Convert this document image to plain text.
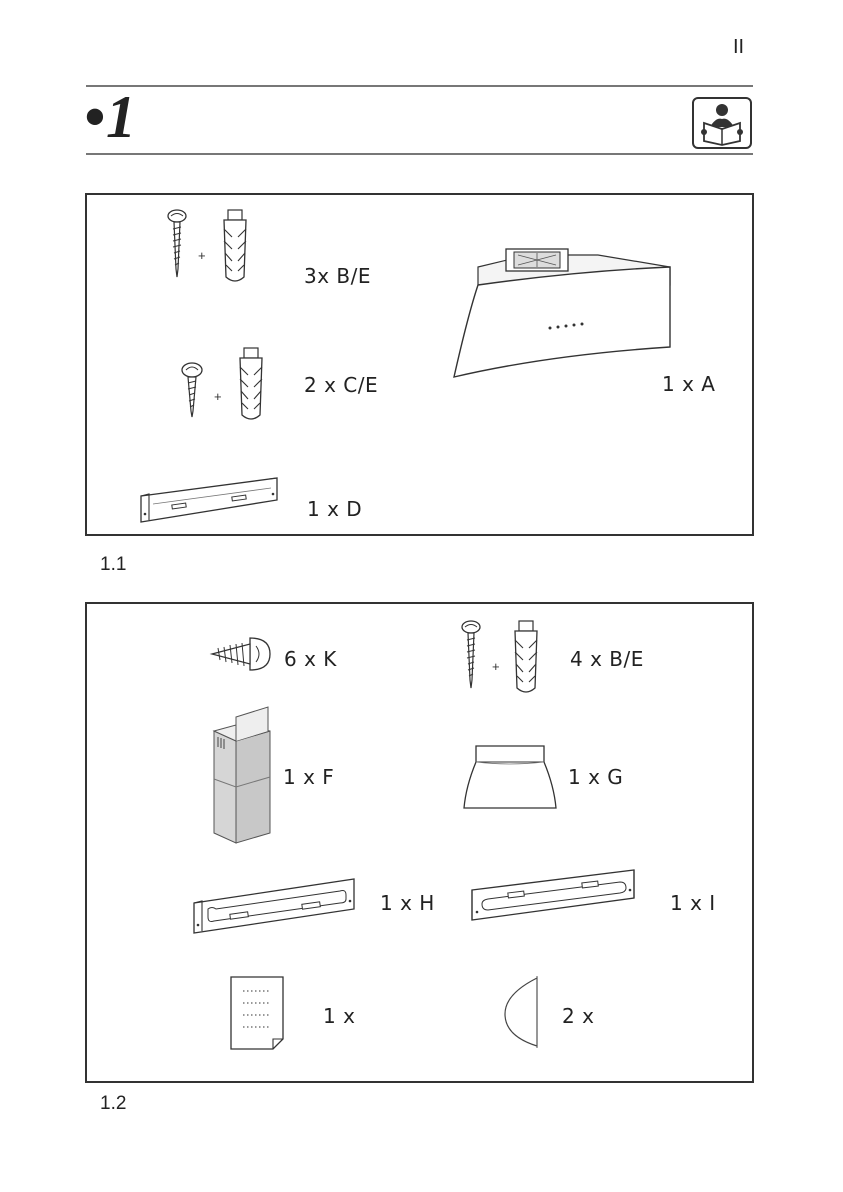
II
•1
+
3x B/E
+	2 x C/E	1 x A
1 x D
1.1
6 x K	+	4 x B/E
1 x F	1 x G
1 x H	1 x I
1 x	2 x
1.2
